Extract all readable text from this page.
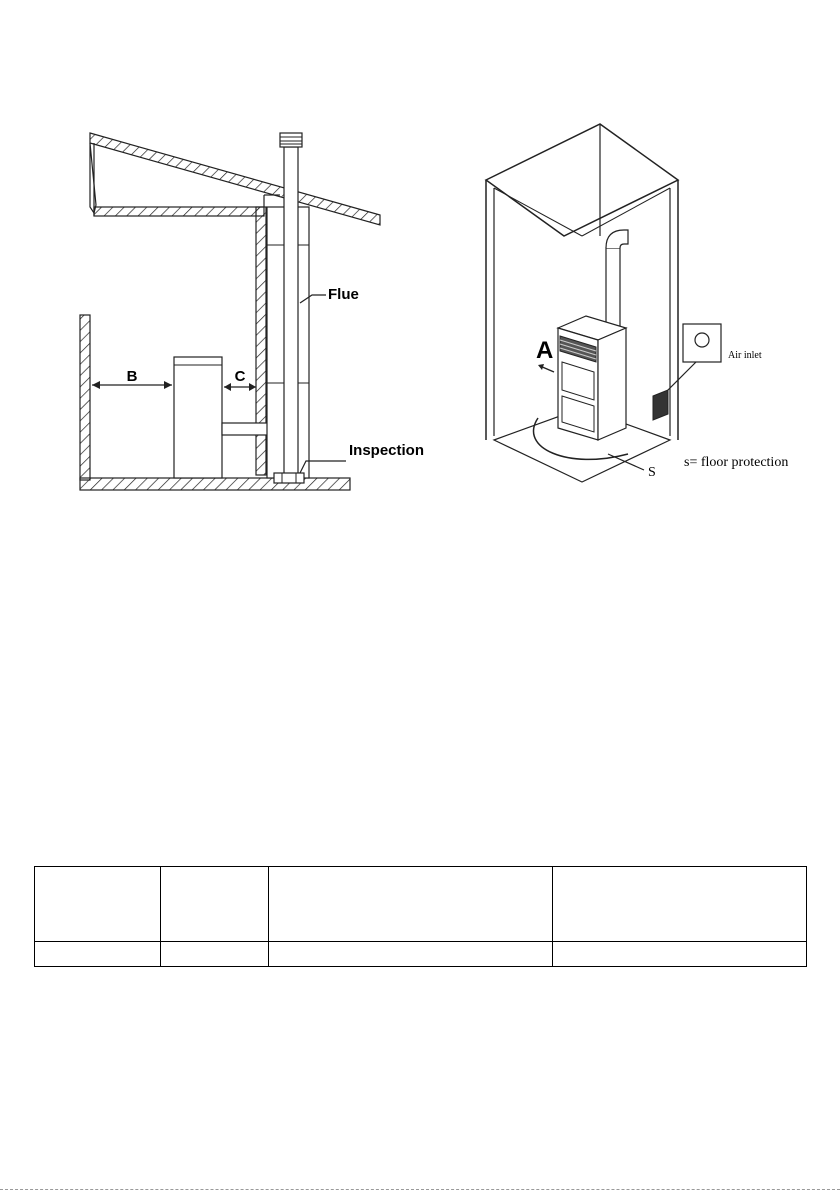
B	C
Flue
Inspection
A	Air inlet
S
s= floor protection
